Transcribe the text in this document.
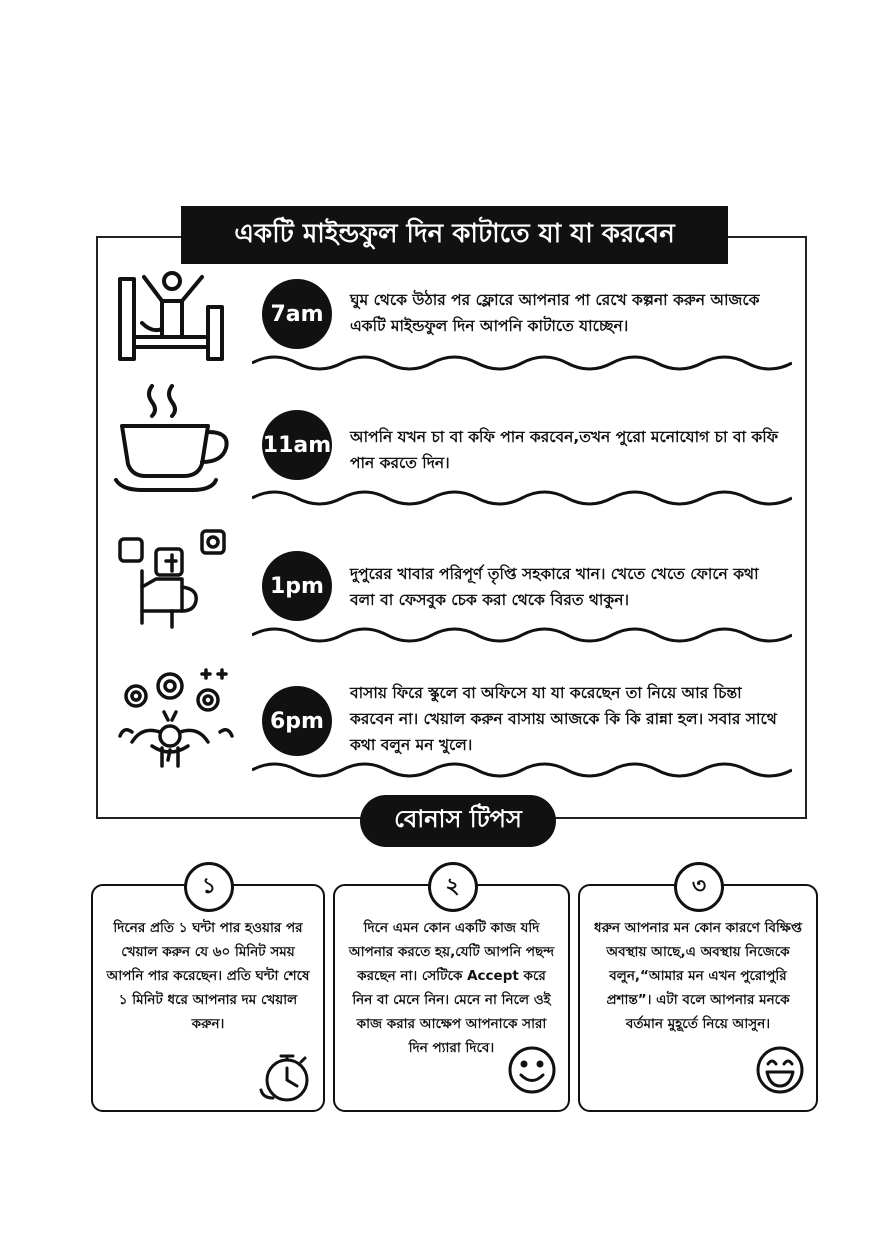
একটি মাইন্ডফুল দিন কাটাতে যা যা করবেন
7am
ঘুম থেকে উঠার পর ফ্লোরে আপনার পা রেখে কল্পনা করুন আজকে একটি মাইন্ডফুল দিন আপনি কাটাতে যাচ্ছেন।
11am আপনি যখন চা বা কফি পান করবেন,তখন পুরো মনোযোগ চা বা কফি পান করতে দিন।
1pm	দুপুরের খাবার পরিপূর্ণ তৃপ্তি সহকারে খান। খেতে খেতে ফোনে কথা বলা বা ফেসবুক চেক করা থেকে বিরত থাকুন।
6pm
বাসায় ফিরে স্কুলে বা অফিসে যা যা করেছেন তা নিয়ে আর চিন্তা করবেন না। খেয়াল করুন বাসায় আজকে কি কি রান্না হল। সবার সাথে কথা বলুন মন খুলে।
বোনাস টিপস
১
দিনের প্রতি ১ ঘন্টা পার হওয়ার পর খেয়াল করুন যে ৬০ মিনিট সময় আপনি পার করেছেন। প্রতি ঘন্টা শেষে ১ মিনিট ধরে আপনার দম খেয়াল করুন।
২
দিনে এমন কোন একটি কাজ যদি আপনার করতে হয়,যেটি আপনি পছন্দ করছেন না। সেটিকে Accept করে নিন বা মেনে নিন। মেনে না নিলে ওই কাজ করার আক্ষেপ আপনাকে সারা দিন প্যারা দিবে।
৩
ধরুন আপনার মন কোন কারণে বিক্ষিপ্ত অবস্থায় আছে,এ অবস্থায় নিজেকে বলুন,“আমার মন এখন পুরোপুরি প্রশান্ত”। এটা বলে আপনার মনকে বর্তমান মুহূর্তে নিয়ে আসুন।
